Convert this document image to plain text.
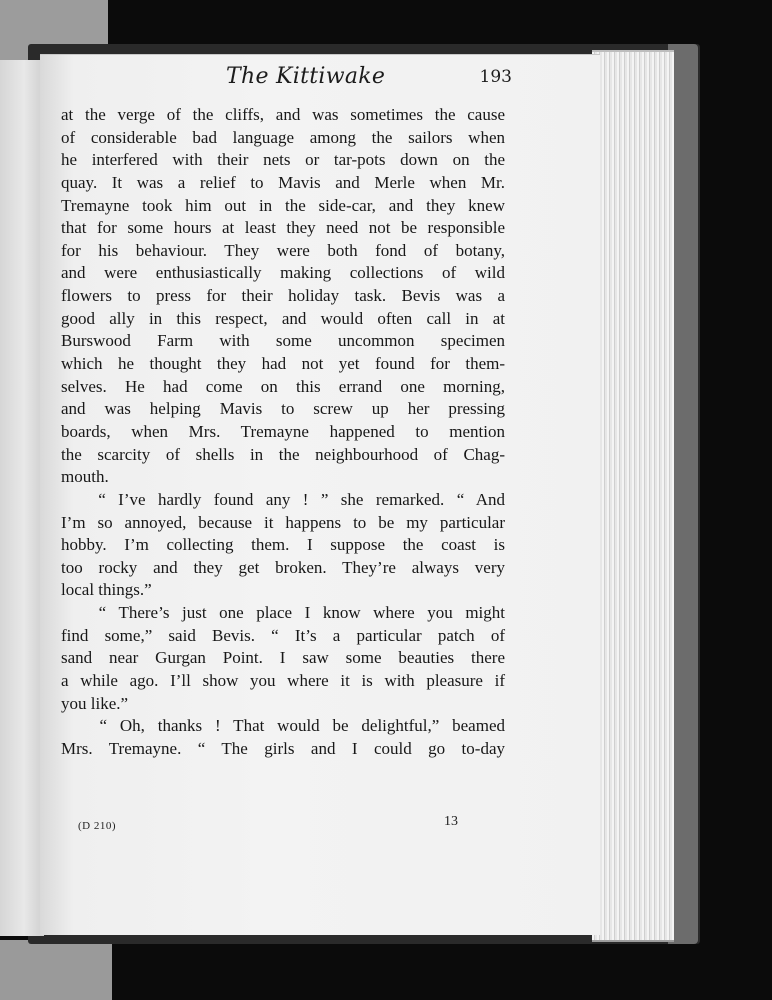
The Kittiwake	193
at the verge of the cliffs, and was sometimes the cause
of considerable bad language among the sailors when
he interfered with their nets or tar-pots down on the
quay. It was a relief to Mavis and Merle when Mr.
Tremayne took him out in the side-car, and they knew
that for some hours at least they need not be responsible
for his behaviour. They were both fond of botany,
and were enthusiastically making collections of wild
flowers to press for their holiday task. Bevis was a
good ally in this respect, and would often call in at
Burswood Farm with some uncommon specimen
which he thought they had not yet found for them-
selves. He had come on this errand one morning,
and was helping Mavis to screw up her pressing
boards, when Mrs. Tremayne happened to mention
the scarcity of shells in the neighbourhood of Chag-
mouth.
“ I’ve hardly found any ! ” she remarked. “ And
I’m so annoyed, because it happens to be my particular
hobby. I’m collecting them. I suppose the coast is
too rocky and they get broken. They’re always very
local things.”
“ There’s just one place I know where you might
find some,” said Bevis. “ It’s a particular patch of
sand near Gurgan Point. I saw some beauties there
a while ago. I’ll show you where it is with pleasure if
you like.”
“ Oh, thanks ! That would be delightful,” beamed
Mrs. Tremayne. “ The girls and I could go to-day
(D 210)	13
